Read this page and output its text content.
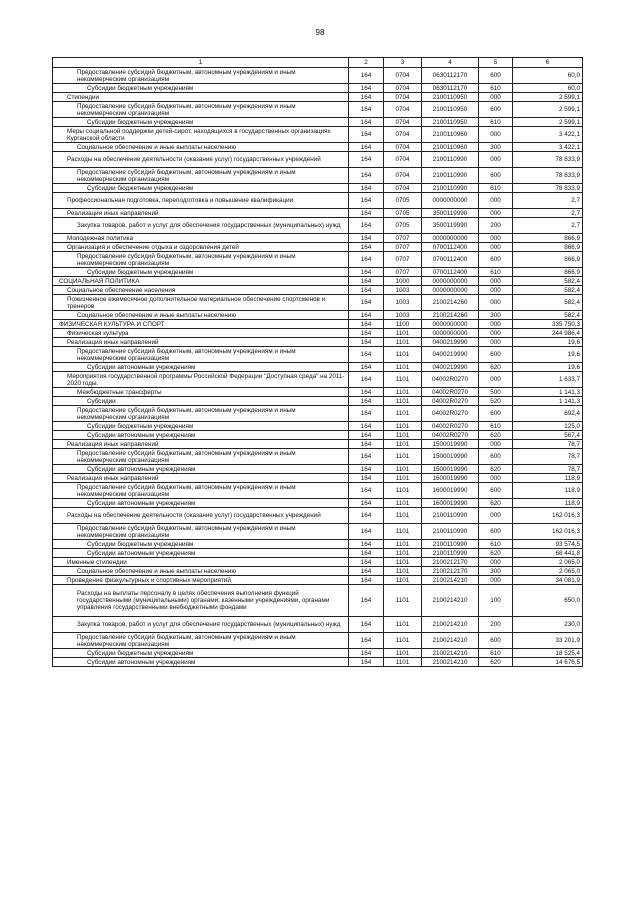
98
1	2	3	4	5	6
Предоставление субсидий бюджетным, автономным учреждениям и иным некоммерческим организациям	164	0704	0630112170	600	60,0
Субсидии бюджетным учреждениям	164	0704	0630112170	610	60,0
Стипендии	164	0704	2100110950	000	2 599,1
Предоставление субсидий бюджетным, автономным учреждениям и иным некоммерческим организациям	164	0704	2100110950	600	2 599,1
Субсидии бюджетным учреждениям	164	0704	2100110950	610	2 599,1
Меры социальной поддержки детей-сирот, находящихся в государственных организациях Курганской области	164	0704	2100110960	000	3 422,1
Социальное обеспечение и иные выплаты населению	164	0704	2100110960	300	3 422,1
Расходы на обеспечение деятельности (оказание услуг) государственных учреждений	164	0704	2100110990	000	78 833,9
Предоставление субсидий бюджетным, автономным учреждениям и иным некоммерческим организациям	164	0704	2100110990	600	78 833,9
Субсидии бюджетным учреждениям	164	0704	2100110990	610	78 833,9
Профессиональная подготовка, переподготовка и повышение квалификации	164	0705	0000000000	000	2,7
Реализация иных направлений	164	0705	3500119990	000	2,7
Закупка товаров, работ и услуг для обеспечения государственных (муниципальных) нужд	164	0705	3500119990	200	2,7
Молодежная политика	164	0707	0000000000	000	866,9
Организация и обеспечение отдыха и оздоровления детей	164	0707	0700112400	000	866,9
Предоставление субсидий бюджетным, автономным учреждениям и иным некоммерческим организациям	164	0707	0700112400	600	866,9
Субсидии бюджетным учреждениям	164	0707	0700112400	610	866,9
СОЦИАЛЬНАЯ ПОЛИТИКА	164	1000	0000000000	000	582,4
Социальное обеспечение населения	164	1003	0000000000	000	582,4
Пожизненное ежемесячное дополнительное материальное обеспечение спортсменов и тренеров	164	1003	2100214260	000	582,4
Социальное обеспечение и иные выплаты населению	164	1003	2100214260	300	582,4
ФИЗИЧЕСКАЯ КУЛЬТУРА И СПОРТ	164	1100	0000000000	000	335 750,3
Физическая культура	164	1101	0000000000	000	244 986,4
Реализация иных направлений	164	1101	0400219990	000	19,6
Предоставление субсидий бюджетным, автономным учреждениям и иным некоммерческим организациям	164	1101	0400219990	600	19,6
Субсидии автономным учреждениям	164	1101	0400219990	620	19,6
Мероприятия государственной программы Российской Федерации "Доступная среда" на 2011-2020 годы.	164	1101	04002R0270	000	1 633,7
Межбюджетные трансферты	164	1101	04002R0270	500	1 141,3
Субсидии	164	1101	04002R0270	520	1 141,3
Предоставление субсидий бюджетным, автономным учреждениям и иным некоммерческим организациям	164	1101	04002R0270	600	692,4
Субсидии бюджетным учреждениям	164	1101	04002R0270	610	125,0
Субсидии автономным учреждениям	164	1101	04002R0270	620	567,4
Реализация иных направлений	164	1101	1500019990	000	78,7
Предоставление субсидий бюджетным, автономным учреждениям и иным некоммерческим организациям	164	1101	1500019990	600	78,7
Субсидии автономным учреждениям	164	1101	1500019990	620	78,7
Реализация иных направлений	164	1101	1600019990	000	118,9
Предоставление субсидий бюджетным, автономным учреждениям и иным некоммерческим организациям	164	1101	1600019990	600	118,9
Субсидии автономным учреждениям	164	1101	1600019990	620	118,9
Расходы на обеспечение деятельности (оказание услуг) государственных учреждений	164	1101	2100110990	000	162 016,3
Предоставление субсидий бюджетным, автономным учреждениям и иным некоммерческим организациям	164	1101	2100110990	600	162 016,3
Субсидии бюджетным учреждениям	164	1101	2100110990	610	93 574,5
Субсидии автономным учреждениям	164	1101	2100110990	620	68 441,8
Именные стипендии	164	1101	2100212170	000	2 065,0
Социальное обеспечение и иные выплаты населению	164	1101	2100212170	300	2 065,0
Проведение физкультурных и спортивных мероприятий	164	1101	2100214210	000	34 081,9
Расходы на выплаты персоналу в целях обеспечения выполнения функций государственными (муниципальными) органами, казенными учреждениями, органами управления государственными внебюджетными фондами	164	1101	2100214210	100	650,0
Закупка товаров, работ и услуг для обеспечения государственных (муниципальных) нужд	164	1101	2100214210	200	230,0
Предоставление субсидий бюджетным, автономным учреждениям и иным некоммерческим организациям	164	1101	2100214210	600	33 201,9
Субсидии бюджетным учреждениям	164	1101	2100214210	610	18 525,4
Субсидии автономным учреждениям	164	1101	2100214210	620	14 676,5
